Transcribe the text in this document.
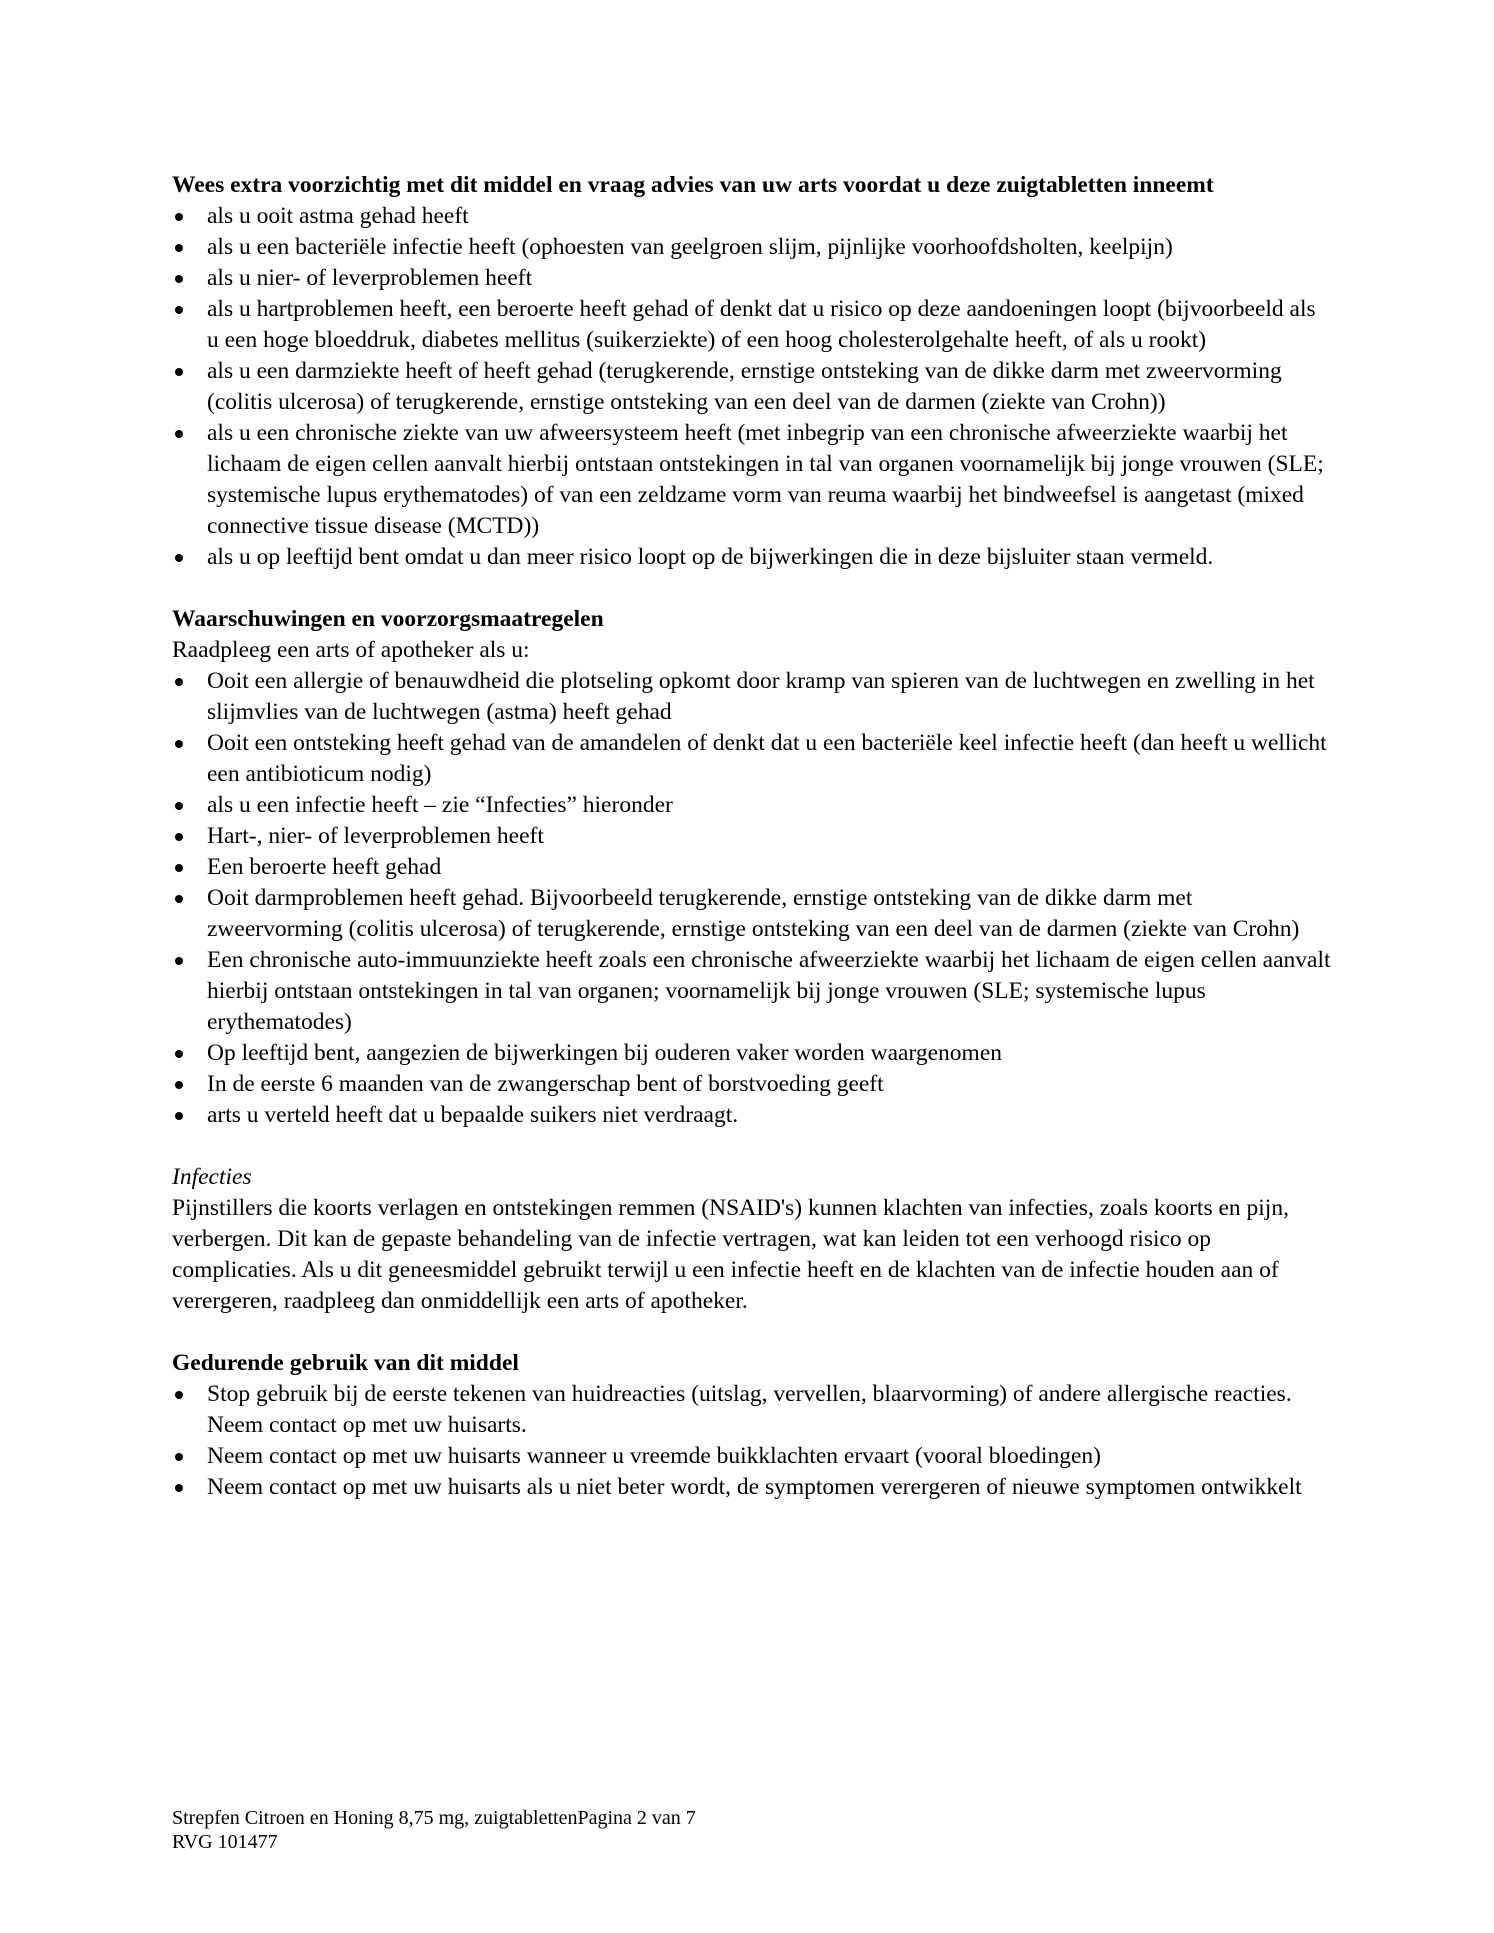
Wees extra voorzichtig met dit middel en vraag advies van uw arts voordat u deze zuigtabletten inneemt

als u ooit astma gehad heeft
als u een bacteriële infectie heeft (ophoesten van geelgroen slijm, pijnlijke voorhoofdsholten, keelpijn)
als u nier- of leverproblemen heeft
als u hartproblemen heeft, een beroerte heeft gehad of denkt dat u risico op deze aandoeningen loopt (bijvoorbeeld als u een hoge bloeddruk, diabetes mellitus (suikerziekte) of een hoog cholesterolgehalte heeft, of als u rookt)
als u een darmziekte heeft of heeft gehad (terugkerende, ernstige ontsteking van de dikke darm met zweervorming (colitis ulcerosa) of terugkerende, ernstige ontsteking van een deel van de darmen (ziekte van Crohn))
als u een chronische ziekte van uw afweersysteem heeft (met inbegrip van een chronische afweerziekte waarbij het lichaam de eigen cellen aanvalt hierbij ontstaan ontstekingen in tal van organen voornamelijk bij jonge vrouwen (SLE; systemische lupus erythematodes) of van een zeldzame vorm van reuma waarbij het bindweefsel is aangetast (mixed connective tissue disease (MCTD))
als u op leeftijd bent omdat u dan meer risico loopt op de bijwerkingen die in deze bijsluiter staan vermeld.

Waarschuwingen en voorzorgsmaatregelen

Raadpleeg een arts of apotheker als u:

Ooit een allergie of benauwdheid die plotseling opkomt door kramp van spieren van de luchtwegen en zwelling in het slijmvlies van de luchtwegen (astma) heeft gehad
Ooit een ontsteking heeft gehad van de amandelen of denkt dat u een bacteriële keel infectie heeft (dan heeft u wellicht een antibioticum nodig)
als u een infectie heeft – zie “Infecties” hieronder
Hart-, nier- of leverproblemen heeft
Een beroerte heeft gehad
Ooit darmproblemen heeft gehad. Bijvoorbeeld terugkerende, ernstige ontsteking van de dikke darm met zweervorming (colitis ulcerosa) of terugkerende, ernstige ontsteking van een deel van de darmen (ziekte van Crohn)
Een chronische auto-immuunziekte heeft zoals een chronische afweerziekte waarbij het lichaam de eigen cellen aanvalt hierbij ontstaan ontstekingen in tal van organen; voornamelijk bij jonge vrouwen (SLE; systemische lupus erythematodes)
Op leeftijd bent, aangezien de bijwerkingen bij ouderen vaker worden waargenomen
In de eerste 6 maanden van de zwangerschap bent of borstvoeding geeft
arts u verteld heeft dat u bepaalde suikers niet verdraagt.

Infecties

Pijnstillers die koorts verlagen en ontstekingen remmen (NSAID's) kunnen klachten van infecties, zoals koorts en pijn, verbergen. Dit kan de gepaste behandeling van de infectie vertragen, wat kan leiden tot een verhoogd risico op complicaties. Als u dit geneesmiddel gebruikt terwijl u een infectie heeft en de klachten van de infectie houden aan of verergeren, raadpleeg dan onmiddellijk een arts of apotheker.

Gedurende gebruik van dit middel

Stop gebruik bij de eerste tekenen van huidreacties (uitslag, vervellen, blaarvorming) of andere allergische reacties. Neem contact op met uw huisarts.
Neem contact op met uw huisarts wanneer u vreemde buikklachten ervaart (vooral bloedingen)
Neem contact op met uw huisarts als u niet beter wordt, de symptomen verergeren of nieuwe symptomen ontwikkelt
Strepfen Citroen en Honing 8,75 mg, zuigtablettenPagina 2 van 7
RVG 101477
